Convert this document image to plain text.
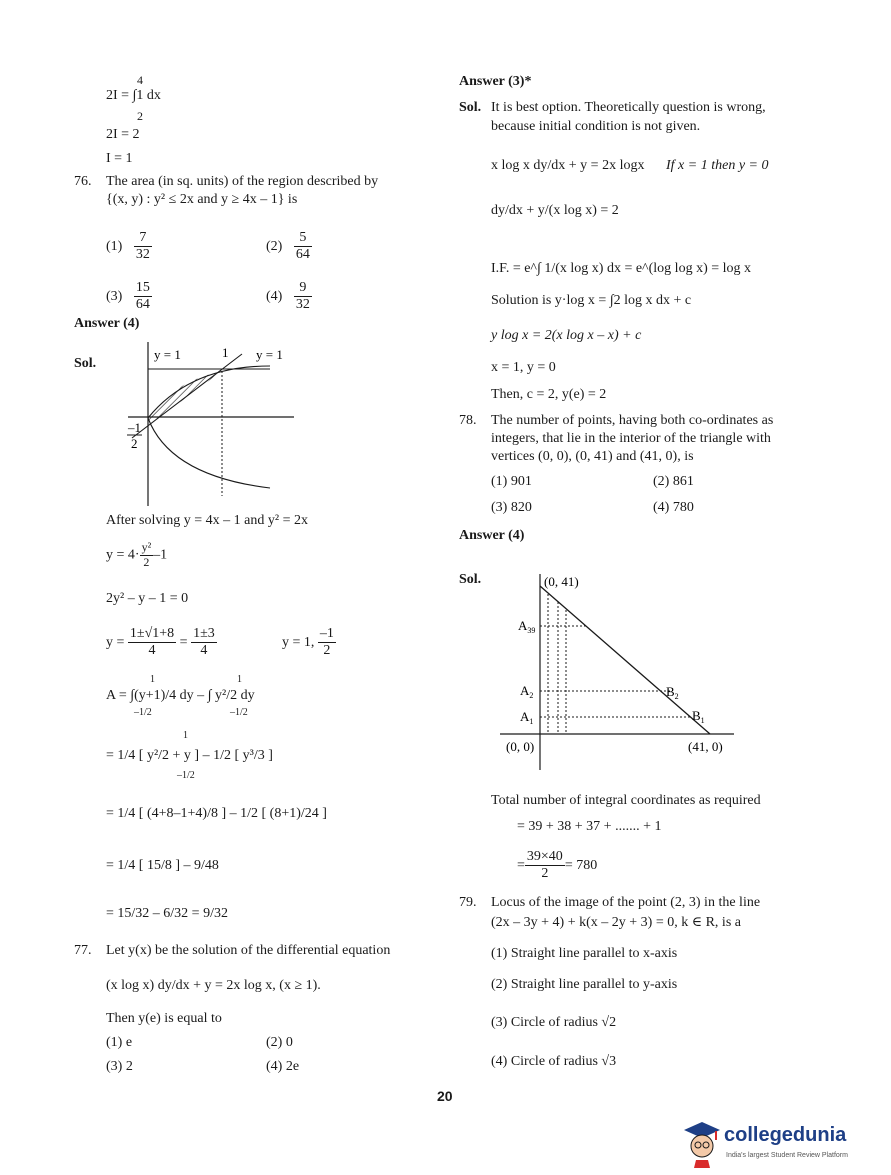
4
2I = ∫1 dx
2
2I = 2
I = 1
76. The area (in sq. units) of the region described by
{(x, y) : y² ≤ 2x and y ≥ 4x – 1} is
$(1) \frac{7}{32}$	$(2) \frac{5}{64}$
$(3) \frac{15}{64}$	$(4) \frac{9}{32}$
Answer (4)
Sol.
y = 1	1 y = 1
–1
2
After solving y = 4x – 1 and y² = 2x
$y = 4\cdot \frac{\text{y²}}{2} -1$
2y² – y – 1 = 0
$y = \frac{1\pm√1+8}{4} = \frac{1\pm 3}{4}$	y = 1, $\frac{-1}{2}$
1	1
A = ∫(y+1)/4 dy – ∫ y²/2 dy
–1/2	–1/2
1
= 1/4 [ y²/2 + y ] – 1/2 [ y³/3 ]
–1/2
= 1/4 [ (4+8–1+4)/8 ] – 1/2 [ (8+1)/24 ]
= 1/4 [ 15/8 ] – 9/48
= 15/32 – 6/32 = 9/32
77. Let y(x) be the solution of the differential equation
(x log x) dy/dx + y = 2x log x, (x ≥ 1).
Then y(e) is equal to
(1) e	(2) 0
(3) 2	(4) 2e
Answer (3)*
Sol. It is best option. Theoretically question is wrong,
because initial condition is not given.
x log x dy/dx + y = 2x logx If x = 1 then y = 0
dy/dx + y/(x log x) = 2
I.F. = e^∫ 1/(x log x) dx = e^(log log x) = log x
Solution is y·log x = ∫2 log x dx + c
y log x = 2(x log x – x) + c
x = 1, y = 0
Then, c = 2, y(e) = 2
78. The number of points, having both co-ordinates as
integers, that lie in the interior of the triangle with
vertices (0, 0), (0, 41) and (41, 0), is
(1) 901	(2) 861
(3) 820	(4) 780
Answer (4)
Sol.	(0, 41)
$A_{39}$
$A_2$
$A_1$
$B_2$
$B_1$
(0, 0)	(41, 0)
Total number of integral coordinates as required
= 39 + 38 + 37 + ....... + 1
= $\frac{39\times 40}{2} = 780$
79. Locus of the image of the point (2, 3) in the line
(2x – 3y + 4) + k(x – 2y + 3) = 0, k ∈ R, is a
(1) Straight line parallel to x-axis
(2) Straight line parallel to y-axis
(3) Circle of radius √2
(4) Circle of radius √3
20
collegedunia
India's largest Student Review Platform
